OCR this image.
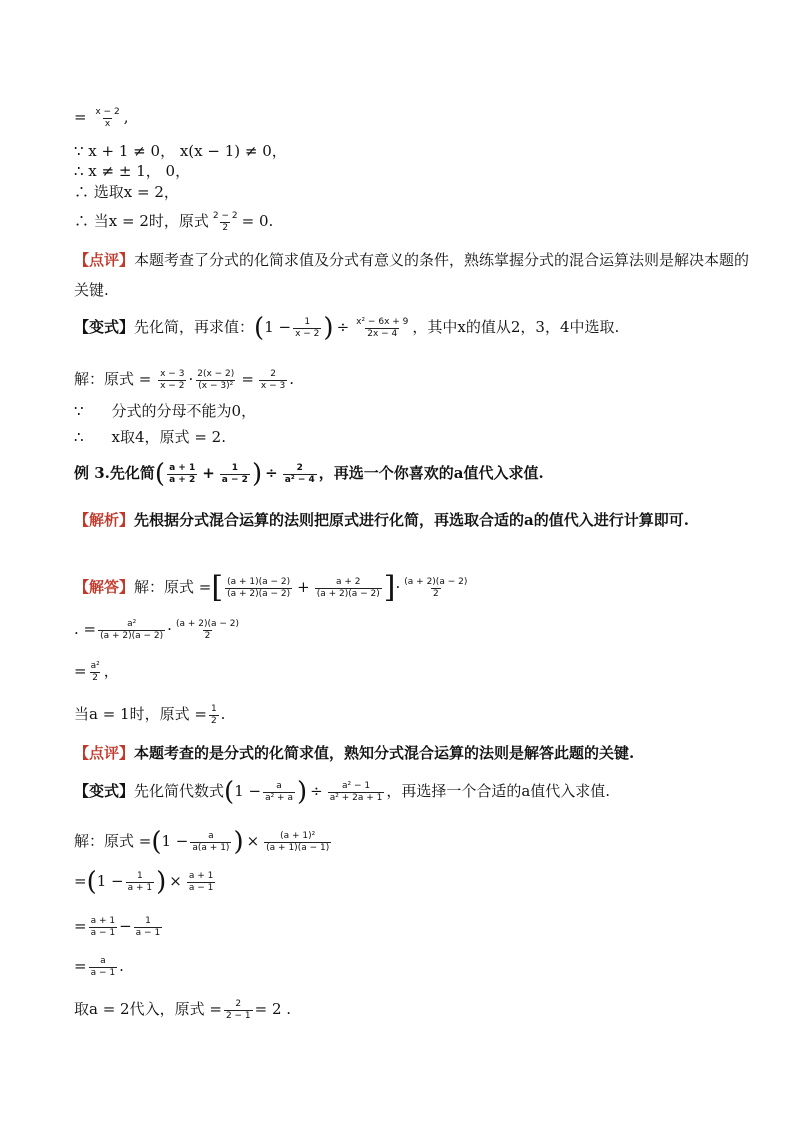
= $\frac{x - 2}{x}$ ,
∵ x + 1 ≠ 0， x(x − 1) ≠ 0，
∴ x ≠ ± 1， 0，
∴ 选取x = 2，
∴ 当x = 2时，原式 $\frac{2 - 2}{2} = 0$.
【点评】本题考查了分式的化简求值及分式有意义的条件，熟练掌握分式的混合运算法则是解决本题的关键.
【变式】先化简，再求值：($1 - \frac{1}{x - 2}$ ) ÷ $\frac{\text{x² − 6x + 9}}{2x - 4}$ ，其中x的值从2，3，4中选取.
解：原式 = $\frac{x - 3}{x - 2} \cdot \frac{2(x - 2)}{\text{(x − 3)²}} = \frac{2}{x - 3}$ .
∵ 分式的分母不能为0，
∴ x取4，原式 = 2.
例 3.先化简( $\frac{a + 1}{a + 2} + \frac{1}{a - 2}$ ) ÷ $\frac{2}{\text{a² − 4}}$ ，再选一个你喜欢的a值代入求值.
【解析】先根据分式混合运算的法则把原式进行化简，再选取合适的a的值代入进行计算即可.
【解答】解：原式 =[ $\frac{(a + 1)(a - 2)}{(a + 2)(a - 2)} + \frac{a + 2}{(a + 2)(a - 2)}$ ]· $\frac{(a + 2)(a - 2)}{2}$
. = $\frac{\text{a²}}{(a + 2)(a - 2)} \cdot \frac{(a + 2)(a - 2)}{2}$
= $\frac{\text{a²}}{2}$ ，
当a = 1时，原式 = $\frac{1}{2}$ .
【点评】本题考查的是分式的化简求值，熟知分式混合运算的法则是解答此题的关键.
【变式】先化简代数式($1 - \frac{a}{\text{a² + a}}$ ) ÷ $\frac{\text{a² − 1}}{\text{a² + 2a + 1}}$ ，再选择一个合适的a值代入求值.
解：原式 $=(1 - \frac{a}{a(a + 1)}$ ) × $\frac{\text{(a + 1)²}}{(a + 1)(a - 1)}$
$=(1 - \frac{1}{a + 1}$ ) × $\frac{a + 1}{a - 1}$
= $\frac{a + 1}{a - 1} - \frac{1}{a - 1}$
= $\frac{a}{a - 1}$ .
取a = 2代入，原式 = $\frac{2}{2 - 1} = 2$ .
